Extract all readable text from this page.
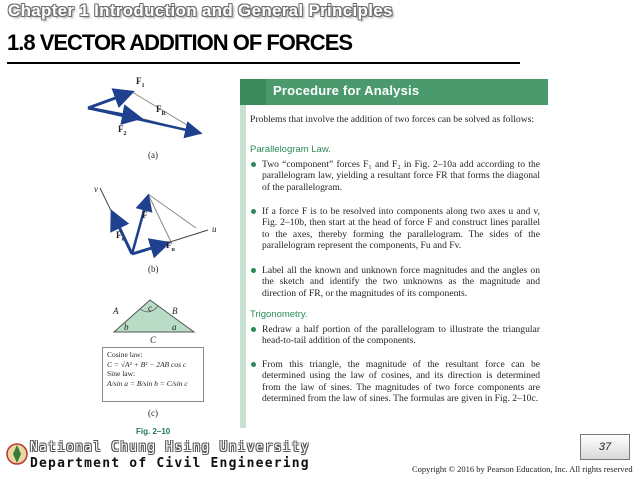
Chapter 1 Introduction and General Principles
1.8 VECTOR ADDITION OF FORCES
$F_1$
$F_R$
$F_2$
(a)
v
u
F
$F_v$
$F_u$
(b)
A	B
C
c
b	a
Cosine law:
C = √A² + B² − 2AB cos c
Sine law:
A/sin a = B/sin b = C/sin c
(c)
Fig. 2–10
Procedure for Analysis
Problems that involve the addition of two forces can be solved as follows:
Parallelogram Law.
Two “component” forces F₁ and F₂ in Fig. 2–10a add according to the parallelogram law, yielding a resultant force FR that forms the diagonal of the parallelogram.
If a force F is to be resolved into components along two axes u and v, Fig. 2–10b, then start at the head of force F and construct lines parallel to the axes, thereby forming the parallelogram. The sides of the parallelogram represent the components, Fu and Fv.
Label all the known and unknown force magnitudes and the angles on the sketch and identify the two unknowns as the magnitude and direction of FR, or the magnitudes of its components.
Trigonometry.
Redraw a half portion of the parallelogram to illustrate the triangular head-to-tail addition of the components.
From this triangle, the magnitude of the resultant force can be determined using the law of cosines, and its direction is determined from the law of sines. The magnitudes of two force components are determined from the law of sines. The formulas are given in Fig. 2–10c.
National Chung Hsing University
Department of Civil Engineering
37
Copyright © 2016 by Pearson Education, Inc. All rights reserved
